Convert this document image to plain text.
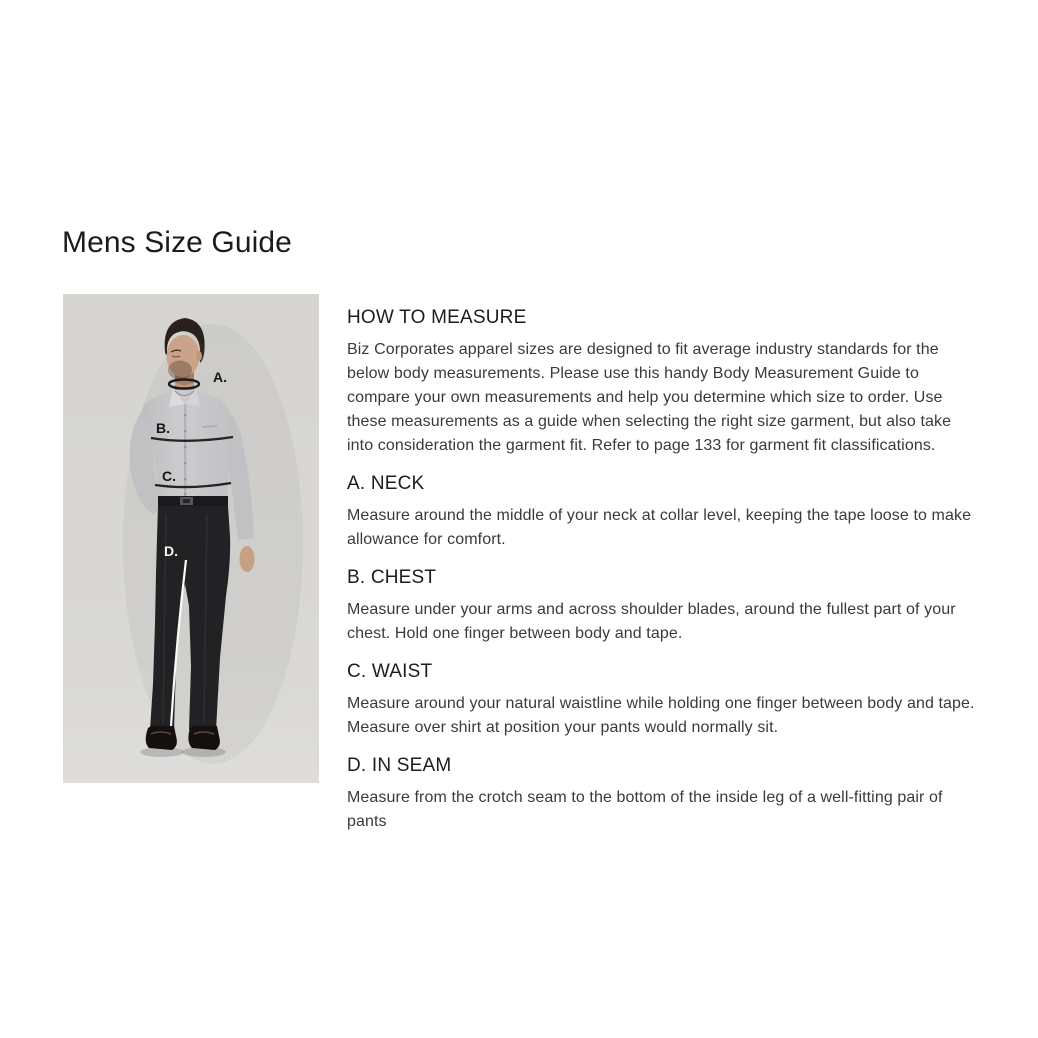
Mens Size Guide
A.
B.
C.
D.
HOW TO MEASURE

Biz Corporates apparel sizes are designed to fit average industry standards for the below body measurements. Please use this handy Body Measurement Guide to compare your own measurements and help you determine which size to order. Use these measurements as a guide when selecting the right size garment, but also take into consideration the garment fit. Refer to page 133 for garment fit classifications.

A. NECK

Measure around the middle of your neck at collar level, keeping the tape loose to make allowance for comfort.

B. CHEST

Measure under your arms and across shoulder blades, around the fullest part of your chest. Hold one finger between body and tape.

C. WAIST

Measure around your natural waistline while holding one finger between body and tape. Measure over shirt at position your pants would normally sit.

D. IN SEAM

Measure from the crotch seam to the bottom of the inside leg of a well-fitting pair of pants
